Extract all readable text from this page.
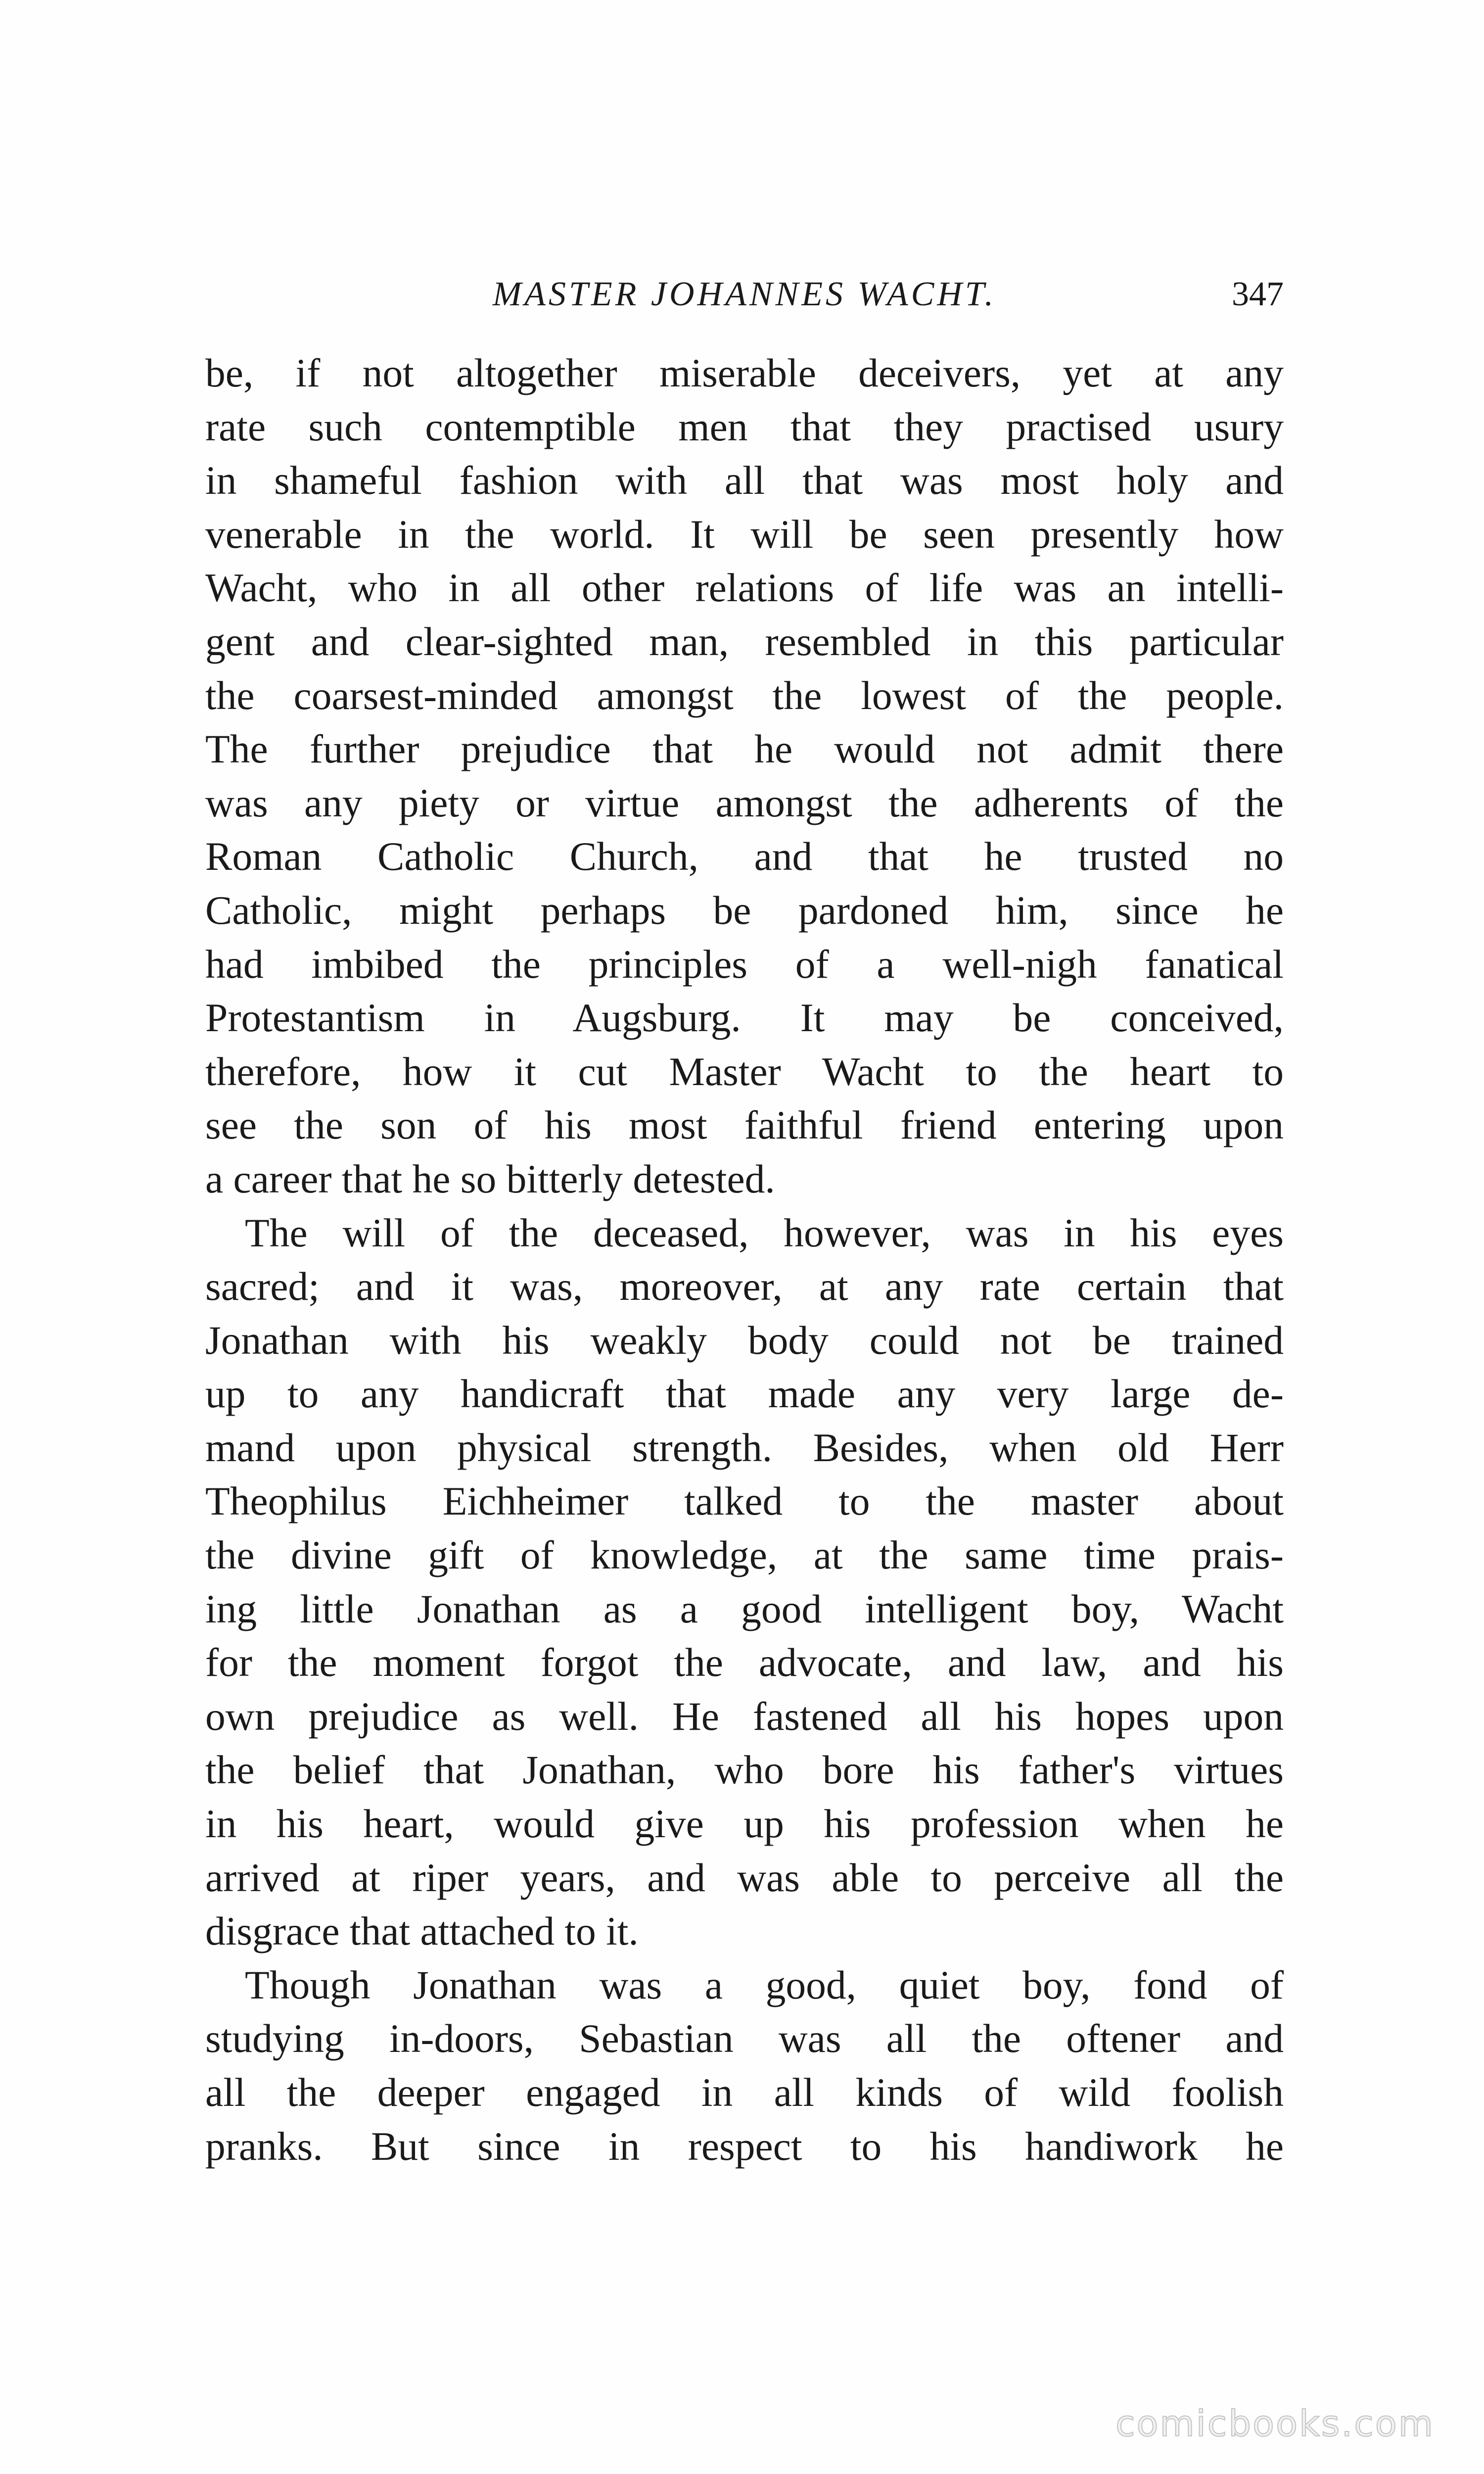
MASTER JOHANNES WACHT.	347
be, if not altogether miserable deceivers, yet at any
rate such contemptible men that they practised usury
in shameful fashion with all that was most holy and
venerable in the world. It will be seen presently how
Wacht, who in all other relations of life was an intelli-
gent and clear-sighted man, resembled in this particular
the coarsest-minded amongst the lowest of the people.
The further prejudice that he would not admit there
was any piety or virtue amongst the adherents of the
Roman Catholic Church, and that he trusted no
Catholic, might perhaps be pardoned him, since he
had imbibed the principles of a well-nigh fanatical
Protestantism in Augsburg. It may be conceived,
therefore, how it cut Master Wacht to the heart to
see the son of his most faithful friend entering upon
a career that he so bitterly detested.
The will of the deceased, however, was in his eyes
sacred; and it was, moreover, at any rate certain that
Jonathan with his weakly body could not be trained
up to any handicraft that made any very large de-
mand upon physical strength. Besides, when old Herr
Theophilus Eichheimer talked to the master about
the divine gift of knowledge, at the same time prais-
ing little Jonathan as a good intelligent boy, Wacht
for the moment forgot the advocate, and law, and his
own prejudice as well. He fastened all his hopes upon
the belief that Jonathan, who bore his father's virtues
in his heart, would give up his profession when he
arrived at riper years, and was able to perceive all the
disgrace that attached to it.
Though Jonathan was a good, quiet boy, fond of
studying in-doors, Sebastian was all the oftener and
all the deeper engaged in all kinds of wild foolish
pranks. But since in respect to his handiwork he
comicbooks.com
